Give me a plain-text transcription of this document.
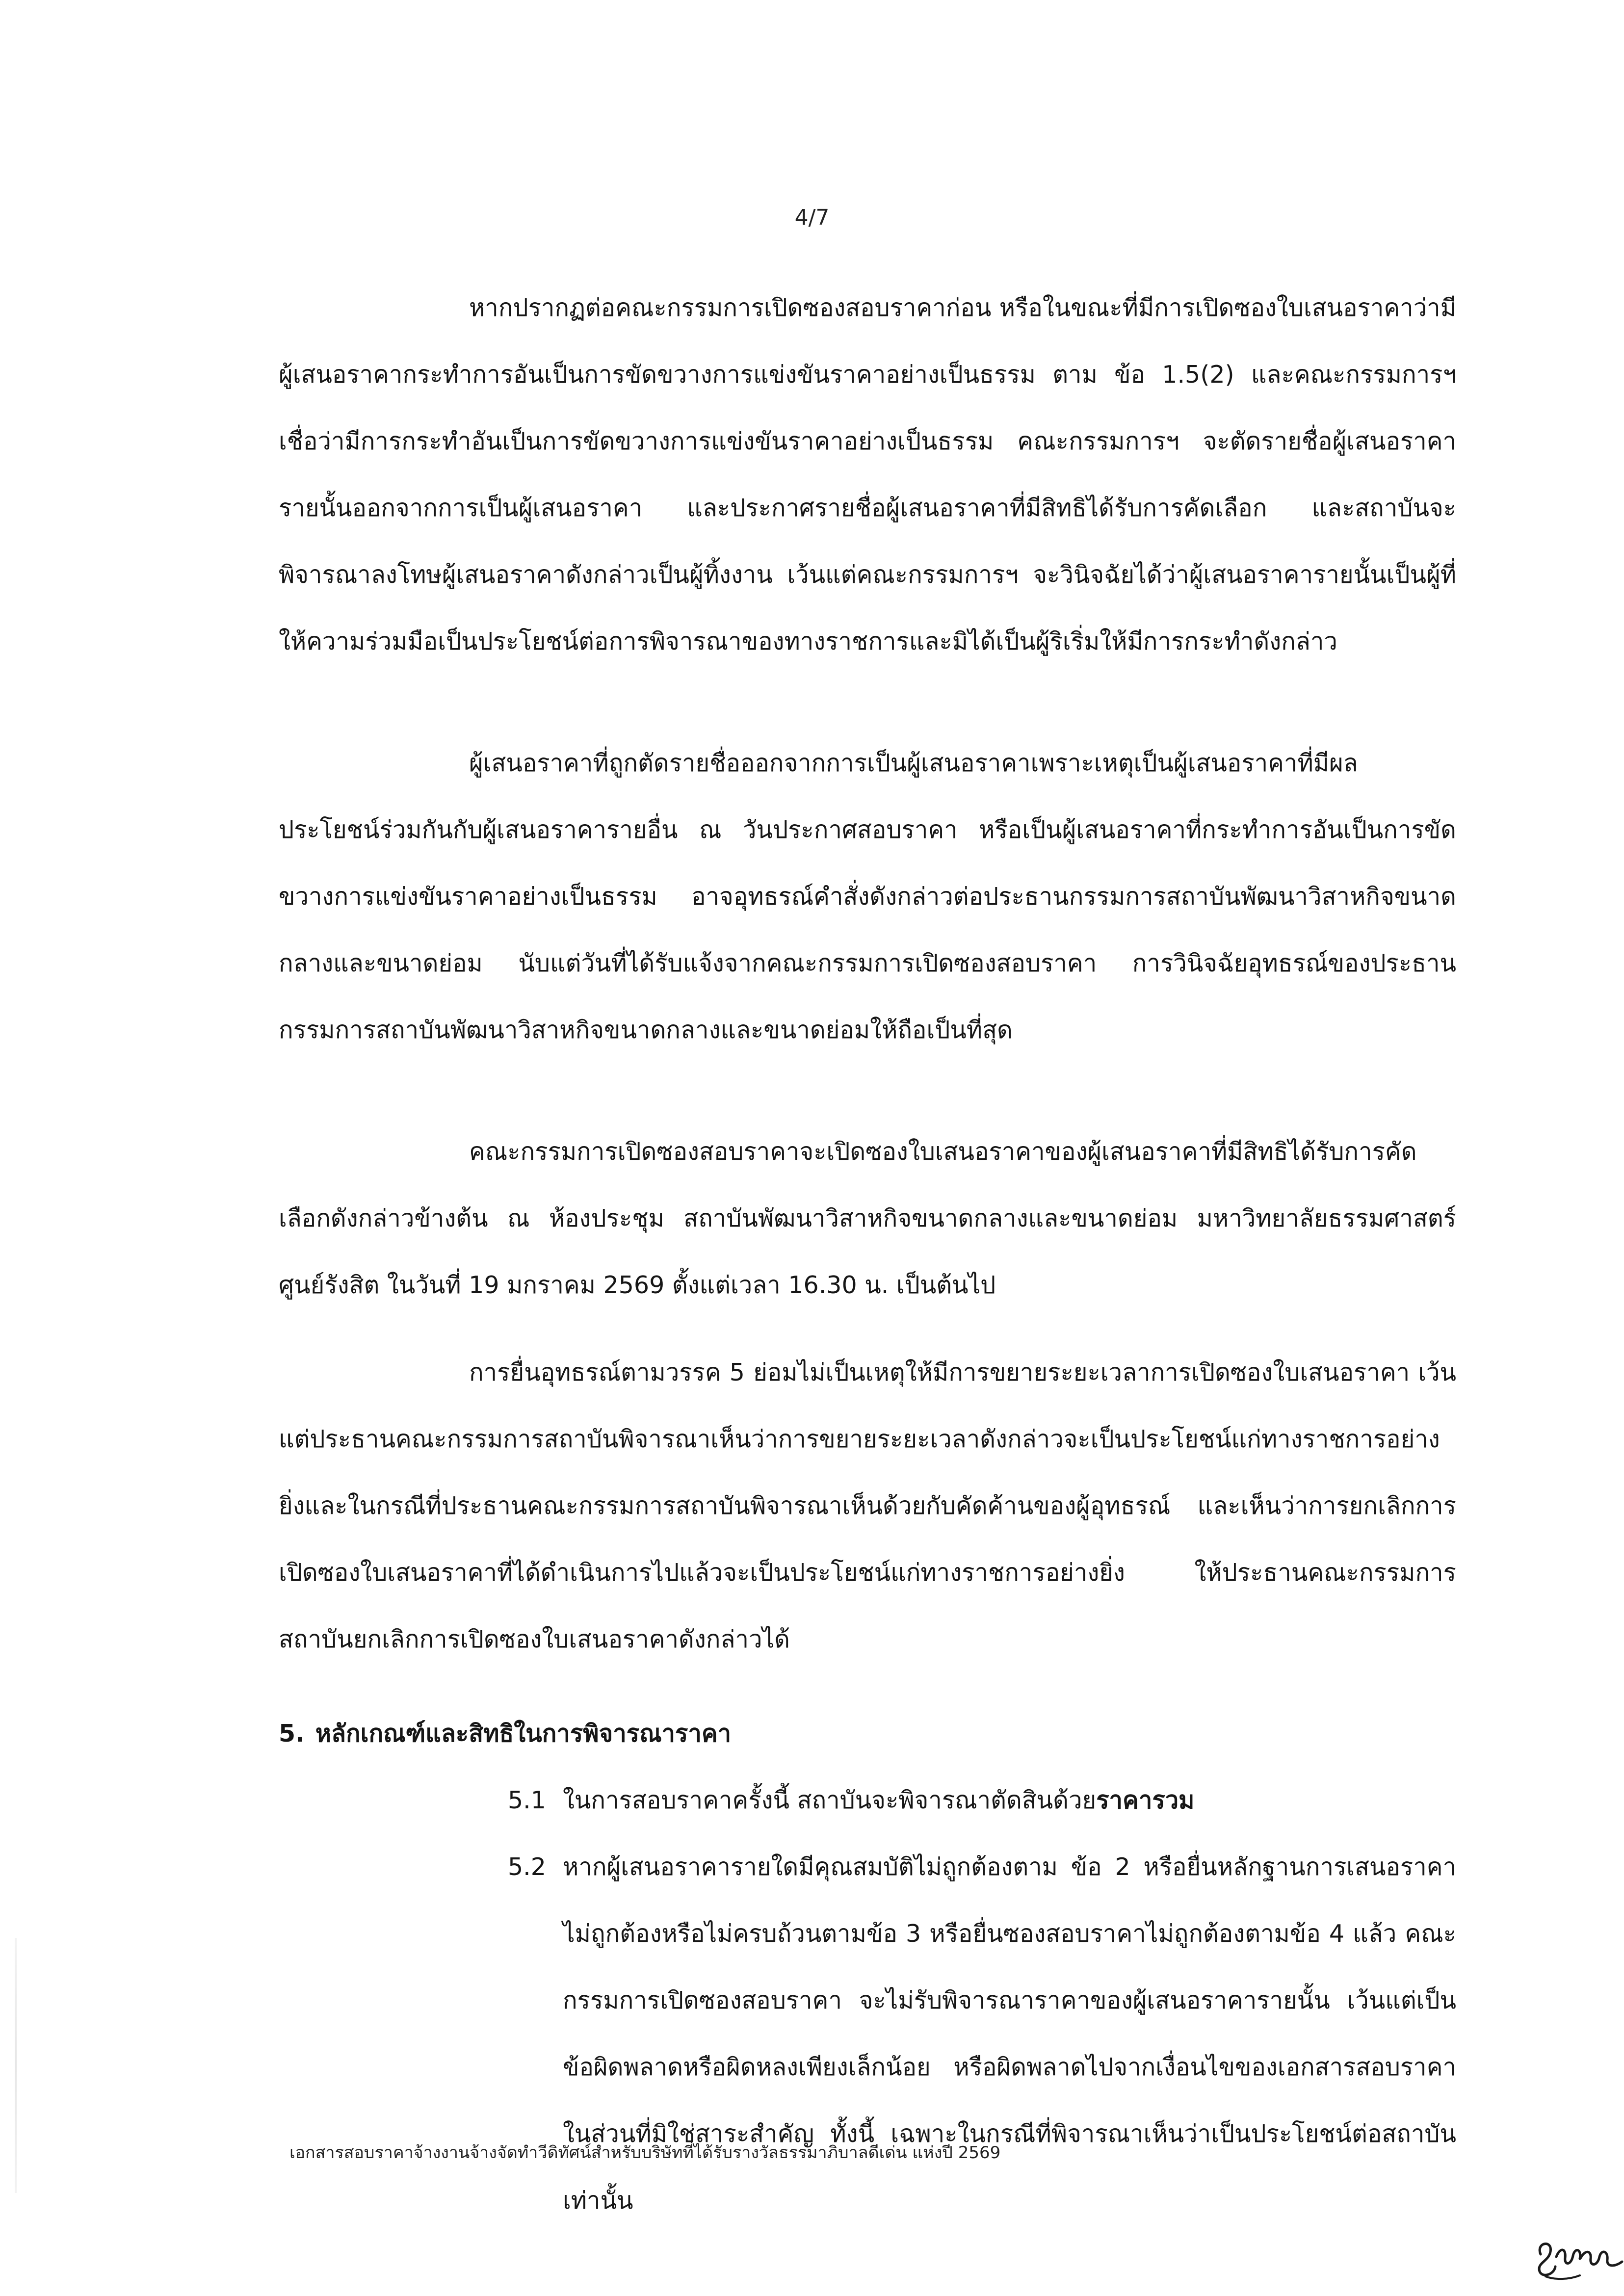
4/7

หากปรากฏต่อคณะกรรมการเปิดซองสอบราคาก่อน หรือในขณะที่มีการเปิดซองใบเสนอราคาว่ามีผู้เสนอราคากระทำการอันเป็นการขัดขวางการแข่งขันราคาอย่างเป็นธรรม ตาม ข้อ 1.5(2) และคณะกรรมการฯ เชื่อว่ามีการกระทำอันเป็นการขัดขวางการแข่งขันราคาอย่างเป็นธรรม คณะกรรมการฯ จะตัดรายชื่อผู้เสนอราคารายนั้นออกจากการเป็นผู้เสนอราคา และประกาศรายชื่อผู้เสนอราคาที่มีสิทธิได้รับการคัดเลือก และสถาบันจะพิจารณาลงโทษผู้เสนอราคาดังกล่าวเป็นผู้ทิ้งงาน เว้นแต่คณะกรรมการฯ จะวินิจฉัยได้ว่าผู้เสนอราคารายนั้นเป็นผู้ที่ให้ความร่วมมือเป็นประโยชน์ต่อการพิจารณาของทางราชการและมิได้เป็นผู้ริเริ่มให้มีการกระทำดังกล่าว

ผู้เสนอราคาที่ถูกตัดรายชื่อออกจากการเป็นผู้เสนอราคาเพราะเหตุเป็นผู้เสนอราคาที่มีผลประโยชน์ร่วมกันกับผู้เสนอราคารายอื่น ณ วันประกาศสอบราคา หรือเป็นผู้เสนอราคาที่กระทำการอันเป็นการขัดขวางการแข่งขันราคาอย่างเป็นธรรม อาจอุทธรณ์คำสั่งดังกล่าวต่อประธานกรรมการสถาบันพัฒนาวิสาหกิจขนาดกลางและขนาดย่อม นับแต่วันที่ได้รับแจ้งจากคณะกรรมการเปิดซองสอบราคา การวินิจฉัยอุทธรณ์ของประธานกรรมการสถาบันพัฒนาวิสาหกิจขนาดกลางและขนาดย่อมให้ถือเป็นที่สุด

คณะกรรมการเปิดซองสอบราคาจะเปิดซองใบเสนอราคาของผู้เสนอราคาที่มีสิทธิได้รับการคัดเลือกดังกล่าวข้างต้น ณ ห้องประชุม สถาบันพัฒนาวิสาหกิจขนาดกลางและขนาดย่อม มหาวิทยาลัยธรรมศาสตร์ ศูนย์รังสิต ในวันที่ 19 มกราคม 2569 ตั้งแต่เวลา 16.30 น. เป็นต้นไป

การยื่นอุทธรณ์ตามวรรค 5 ย่อมไม่เป็นเหตุให้มีการขยายระยะเวลาการเปิดซองใบเสนอราคา เว้นแต่ประธานคณะกรรมการสถาบันพิจารณาเห็นว่าการขยายระยะเวลาดังกล่าวจะเป็นประโยชน์แก่ทางราชการอย่างยิ่งและในกรณีที่ประธานคณะกรรมการสถาบันพิจารณาเห็นด้วยกับคัดค้านของผู้อุทธรณ์ และเห็นว่าการยกเลิกการเปิดซองใบเสนอราคาที่ได้ดำเนินการไปแล้วจะเป็นประโยชน์แก่ทางราชการอย่างยิ่ง ให้ประธานคณะกรรมการสถาบันยกเลิกการเปิดซองใบเสนอราคาดังกล่าวได้

5. หลักเกณฑ์และสิทธิในการพิจารณาราคา
5.1 ในการสอบราคาครั้งนี้ สถาบันจะพิจารณาตัดสินด้วยราคารวม
5.2 หากผู้เสนอราคารายใดมีคุณสมบัติไม่ถูกต้องตาม ข้อ 2 หรือยื่นหลักฐานการเสนอราคาไม่ถูกต้องหรือไม่ครบถ้วนตามข้อ 3 หรือยื่นซองสอบราคาไม่ถูกต้องตามข้อ 4 แล้ว คณะกรรมการเปิดซองสอบราคา จะไม่รับพิจารณาราคาของผู้เสนอราคารายนั้น เว้นแต่เป็นข้อผิดพลาดหรือผิดหลงเพียงเล็กน้อย หรือผิดพลาดไปจากเงื่อนไขของเอกสารสอบราคาในส่วนที่มิใช่สาระสำคัญ ทั้งนี้ เฉพาะในกรณีที่พิจารณาเห็นว่าเป็นประโยชน์ต่อสถาบันเท่านั้น
เอกสารสอบราคาจ้างงานจ้างจัดทำวีดิทัศน์สำหรับบริษัทที่ได้รับรางวัลธรรมาภิบาลดีเด่น แห่งปี 2569
